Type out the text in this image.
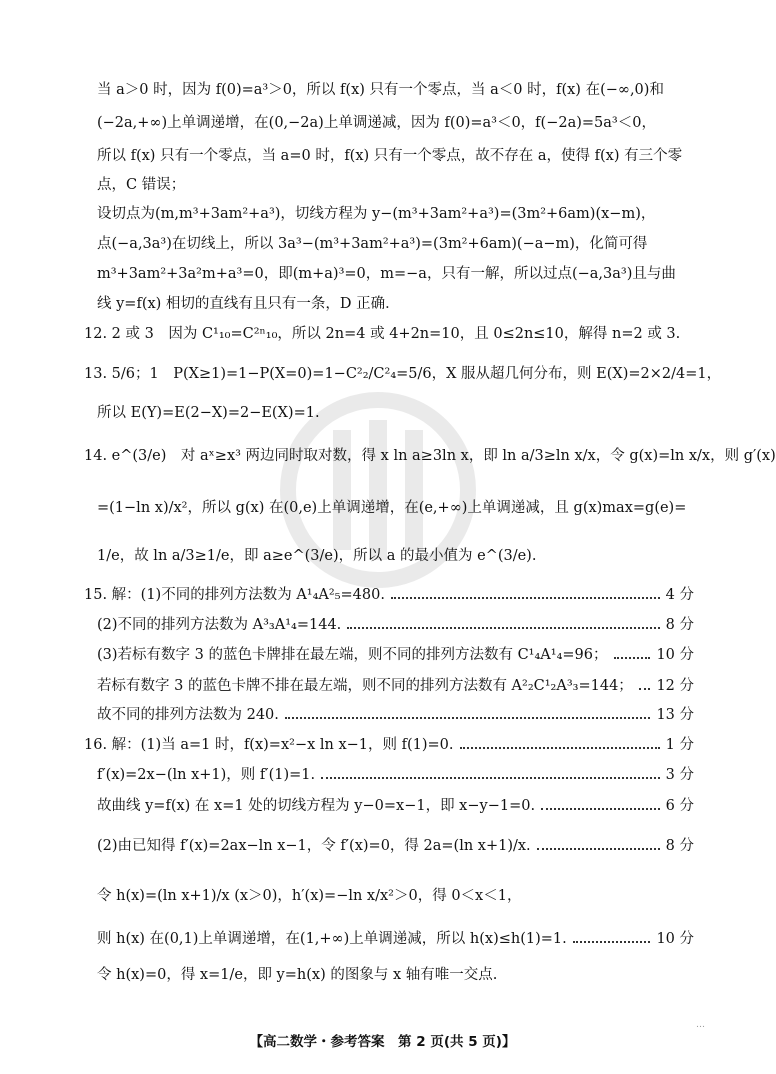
当 a＞0 时，因为 f(0)=a³＞0，所以 f(x) 只有一个零点，当 a＜0 时，f(x) 在(−∞,0)和
(−2a,+∞)上单调递增，在(0,−2a)上单调递减，因为 f(0)=a³＜0，f(−2a)=5a³＜0，
所以 f(x) 只有一个零点，当 a=0 时，f(x) 只有一个零点，故不存在 a，使得 f(x) 有三个零
点，C 错误；
设切点为(m,m³+3am²+a³)，切线方程为 y−(m³+3am²+a³)=(3m²+6am)(x−m)，
点(−a,3a³)在切线上，所以 3a³−(m³+3am²+a³)=(3m²+6am)(−a−m)，化简可得
m³+3am²+3a²m+a³=0，即(m+a)³=0，m=−a，只有一解，所以过点(−a,3a³)且与曲
线 y=f(x) 相切的直线有且只有一条，D 正确．
12. 2 或 3　因为 C¹₁₀=C²ⁿ₁₀，所以 2n=4 或 4+2n=10，且 0≤2n≤10，解得 n=2 或 3.
13. 5/6；1　P(X≥1)=1−P(X=0)=1−C²₂/C²₄=5/6，X 服从超几何分布，则 E(X)=2×2/4=1，
所以 E(Y)=E(2−X)=2−E(X)=1.
14. e^(3/e)　对 aˣ≥x³ 两边同时取对数，得 x ln a≥3ln x，即 ln a/3≥ln x/x，令 g(x)=ln x/x，则 g′(x)
=(1−ln x)/x²，所以 g(x) 在(0,e)上单调递增，在(e,+∞)上单调递减，且 g(x)max=g(e)=
1/e，故 ln a/3≥1/e，即 a≥e^(3/e)，所以 a 的最小值为 e^(3/e).
15. 解：(1)不同的排列方法数为 A¹₄A²₅=480.	4 分
(2)不同的排列方法数为 A³₃A¹₄=144.	8 分
(3)若标有数字 3 的蓝色卡牌排在最左端，则不同的排列方法数有 C¹₄A¹₄=96；	10 分
若标有数字 3 的蓝色卡牌不排在最左端，则不同的排列方法数有 A²₂C¹₂A³₃=144； 12 分
故不同的排列方法数为 240.	13 分
16. 解：(1)当 a=1 时，f(x)=x²−x ln x−1，则 f(1)=0.	1 分
f′(x)=2x−(ln x+1)，则 f′(1)=1.	3 分
故曲线 y=f(x) 在 x=1 处的切线方程为 y−0=x−1，即 x−y−1=0.	6 分
(2)由已知得 f′(x)=2ax−ln x−1，令 f′(x)=0，得 2a=(ln x+1)/x.	8 分
令 h(x)=(ln x+1)/x (x＞0)，h′(x)=−ln x/x²＞0，得 0＜x＜1，
则 h(x) 在(0,1)上单调递增，在(1,+∞)上单调递减，所以 h(x)≤h(1)=1.	10 分
令 h(x)=0，得 x=1/e，即 y=h(x) 的图象与 x 轴有唯一交点.
【高二数学・参考答案　第 2 页(共 5 页)】
…
